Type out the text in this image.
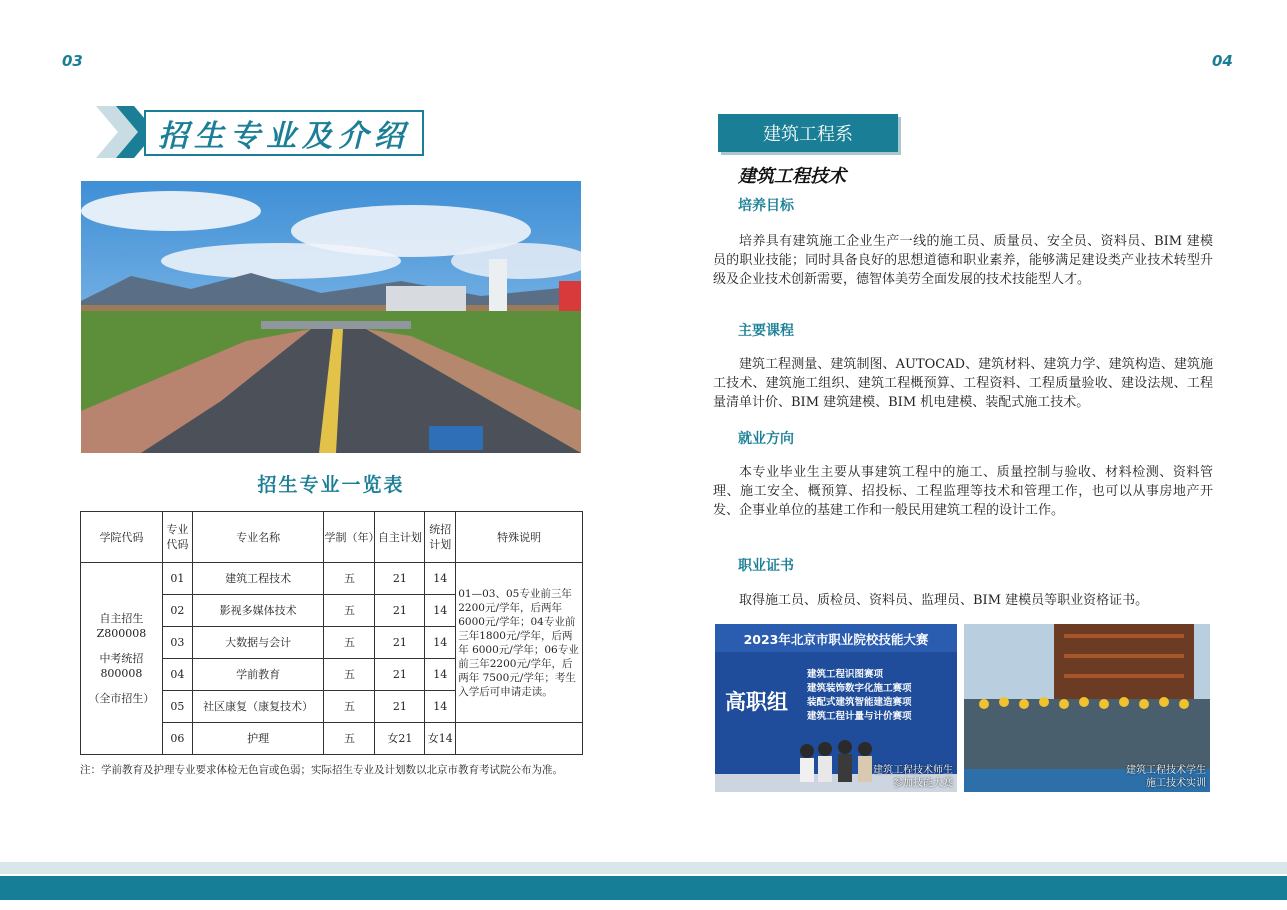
03	04
招生专业及介绍
招生专业一览表
学院代码	专业代码	专业名称	学制（年）	自主计划	统招计划	特殊说明

自主招生
Z800008
中考统招
800008
（全市招生）	01	建筑工程技术	五	21	14	01—03、05专业前三年2200元/学年，后两年6000元/学年；04专业前三年1800元/学年，后两年 6000元/学年；06专业前三年2200元/学年，后两年 7500元/学年；考生入学后可申请走读。
	02	影视多媒体技术	五	21	14	
	03	大数据与会计	五	21	14	
	04	学前教育	五	21	14	
	05	社区康复（康复技术）	五	21	14	
	06	护理	五	女21	女14	
注：学前教育及护理专业要求体检无色盲或色弱；实际招生专业及计划数以北京市教育考试院公布为准。
建筑工程系
建筑工程技术
培养目标
培养具有建筑施工企业生产一线的施工员、质量员、安全员、资料员、BIM 建模员的职业技能；同时具备良好的思想道德和职业素养，能够满足建设类产业技术转型升级及企业技术创新需要，德智体美劳全面发展的技术技能型人才。
主要课程
建筑工程测量、建筑制图、AUTOCAD、建筑材料、建筑力学、建筑构造、建筑施工技术、建筑施工组织、建筑工程概预算、工程资料、工程质量验收、建设法规、工程量清单计价、BIM 建筑建模、BIM 机电建模、装配式施工技术。
就业方向
本专业毕业生主要从事建筑工程中的施工、质量控制与验收、材料检测、资料管理、施工安全、概预算、招投标、工程监理等技术和管理工作，也可以从事房地产开发、企事业单位的基建工作和一般民用建筑工程的设计工作。
职业证书
取得施工员、质检员、资料员、监理员、BIM 建模员等职业资格证书。
2023年北京市职业院校技能大赛
高职组
建筑工程识图赛项
建筑装饰数字化施工赛项
装配式建筑智能建造赛项
建筑工程计量与计价赛项
建筑工程技术师生
参加技能大赛
建筑工程技术学生
施工技术实训
